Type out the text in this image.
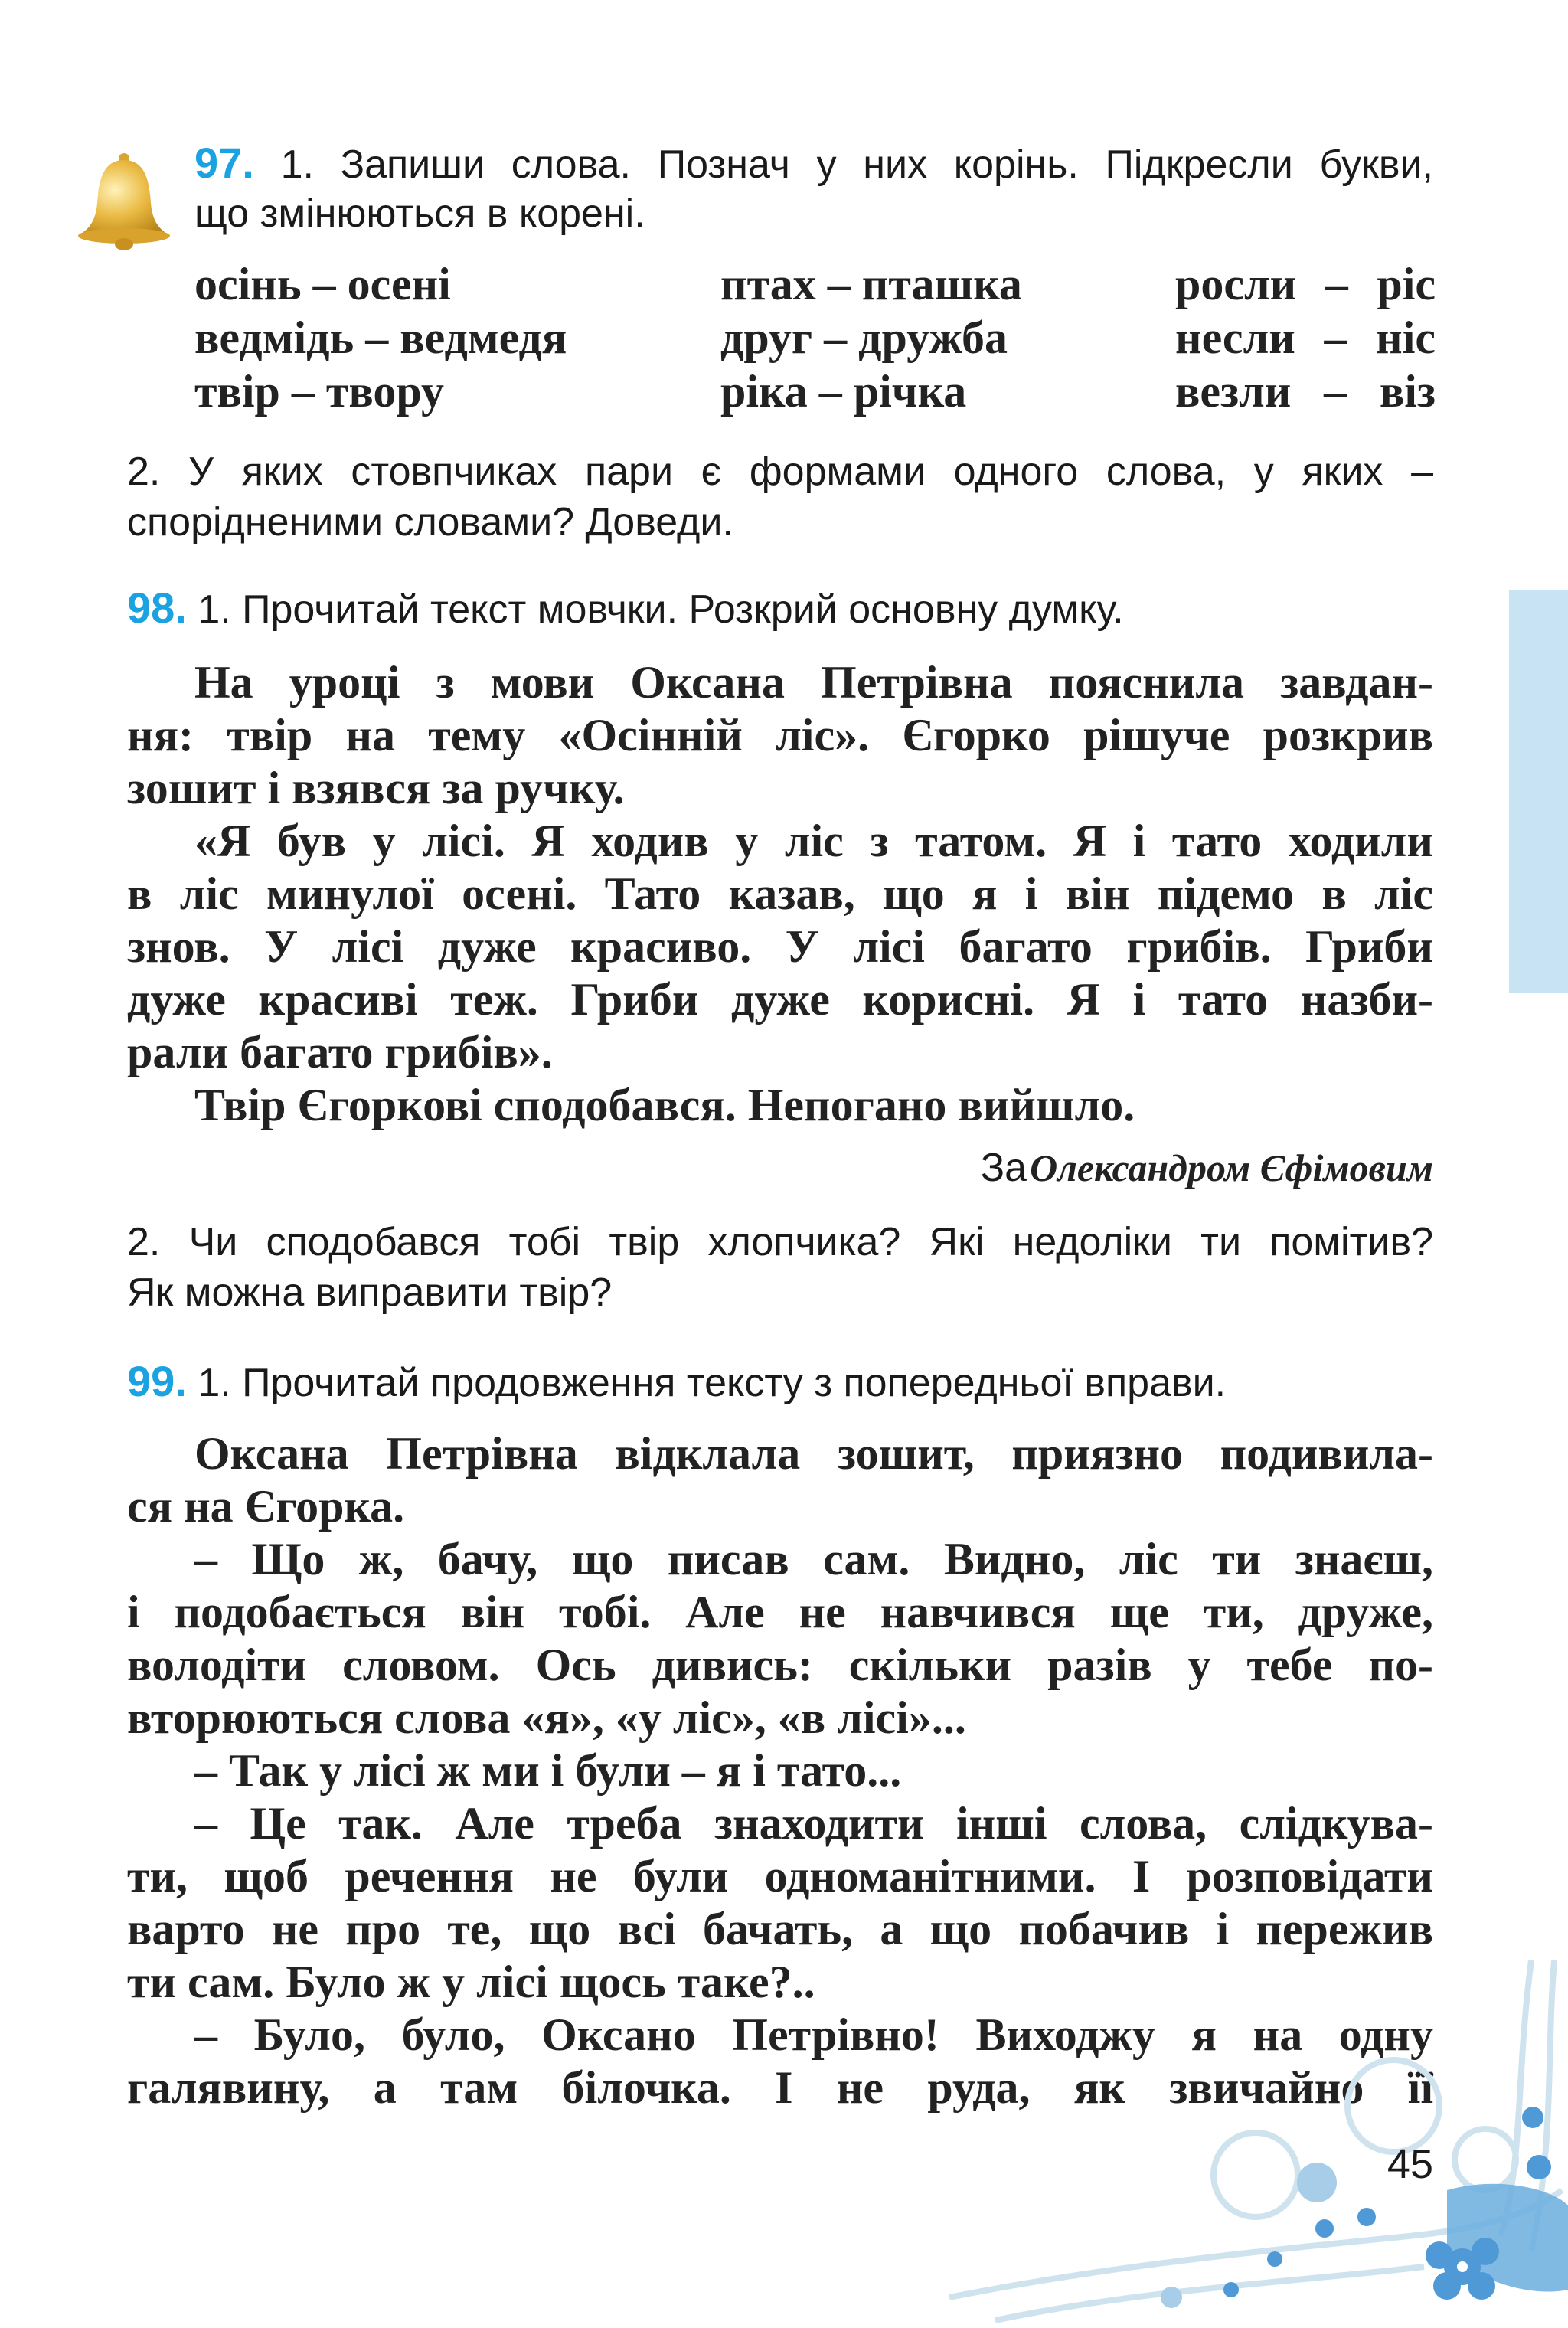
97. 1. Запиши слова. Познач у них корінь. Підкресли букви,
що змінюються в корені.
осінь – осені	птах – пташка	росли – ріс
ведмідь – ведмедя	друг – дружба	несли – ніс
твір – твору	ріка – річка	везли – віз
2. У яких стовпчиках пари є формами одного слова, у яких –
спорідненими словами? Доведи.
98. 1. Прочитай текст мовчки. Розкрий основну думку.
На уроці з мови Оксана Петрівна пояснила завдан-
ня: твір на тему «Осінній ліс». Єгорко рішуче розкрив
зошит і взявся за ручку.
«Я був у лісі. Я ходив у ліс з татом. Я і тато ходили
в ліс минулої осені. Тато казав, що я і він підемо в ліс
знов. У лісі дуже красиво. У лісі багато грибів. Гриби
дуже красиві теж. Гриби дуже корисні. Я і тато назби-
рали багато грибів».
Твір Єгоркові сподобався. Непогано вийшло.
За Олександром Єфімовим
2. Чи сподобався тобі твір хлопчика? Які недоліки ти помітив?
Як можна виправити твір?
99. 1. Прочитай продовження тексту з попередньої вправи.
Оксана Петрівна відклала зошит, приязно подивила-
ся на Єгорка.
– Що ж, бачу, що писав сам. Видно, ліс ти знаєш,
і подобається він тобі. Але не навчився ще ти, друже,
володіти словом. Ось дивись: скільки разів у тебе по-
вторюються слова «я», «у ліс», «в лісі»...
– Так у лісі ж ми і були – я і тато...
– Це так. Але треба знаходити інші слова, слідкува-
ти, щоб речення не були одноманітними. І розповідати
варто не про те, що всі бачать, а що побачив і пережив
ти сам. Було ж у лісі щось таке?..
– Було, було, Оксано Петрівно! Виходжу я на одну
галявину, а там білочка. І не руда, як звичайно її
45
